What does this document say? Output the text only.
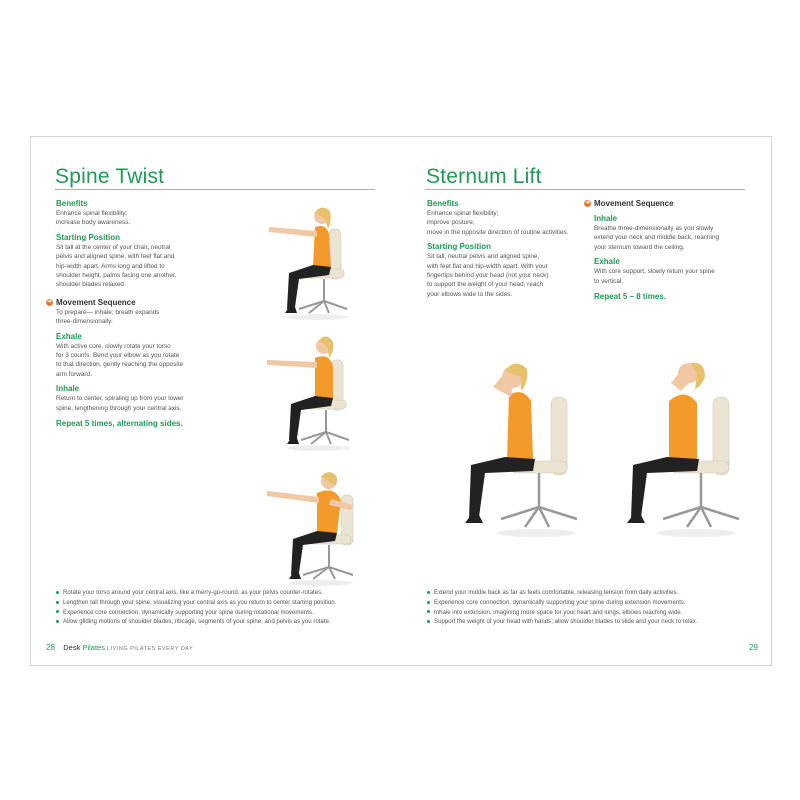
Spine Twist
Benefits
Enhance spinal flexibility;
increase body awareness.
Starting Position
Sit tall at the center of your chair, neutral
pelvis and aligned spine, with feet flat and
hip-width apart. Arms long and lifted to
shoulder height, palms facing one another,
shoulder blades relaxed.
➜ Movement Sequence
To prepare— inhale; breath expands
three-dimensionally.
Exhale
With active core, slowly rotate your torso
for 3 counts. Bend your elbow as you rotate
to that direction, gently reaching the opposite
arm forward.
Inhale
Return to center, spiraling up from your lower
spine, lengthening through your central axis.
Repeat 5 times, alternating sides.
Rotate your torso around your central axis, like a merry-go-round, as your pelvis counter-rotates.
Lengthen tall through your spine, visualizing your central axis as you return to center starting position.
Experience core connection, dynamically supporting your spine during rotational movements.
Allow gliding motions of shoulder blades, ribcage, segments of your spine, and pelvis as you rotate.
28 Desk Pilates LIVING PILATES EVERY DAY
Sternum Lift
Benefits
Enhance spinal flexibility;
improve posture;
move in the opposite direction of routine activities.
Starting Position
Sit tall, neutral pelvis and aligned spine,
with feet flat and hip-width apart. With your
fingertips behind your head (not your neck)
to support the weight of your head, reach
your elbows wide to the sides.
➜ Movement Sequence
Inhale
Breathe three-dimensionally as you slowly
extend your neck and middle back, reaching
your sternum toward the ceiling.
Exhale
With core support, slowly return your spine
to vertical.
Repeat 5 – 8 times.
Extend your middle back as far as feels comfortable, releasing tension from daily activities.
Experience core connection, dynamically supporting your spine during extension movements.
Inhale into extension, imagining more space for your heart and lungs, elbows reaching wide.
Support the weight of your head with hands; allow shoulder blades to slide and your neck to relax.
29
